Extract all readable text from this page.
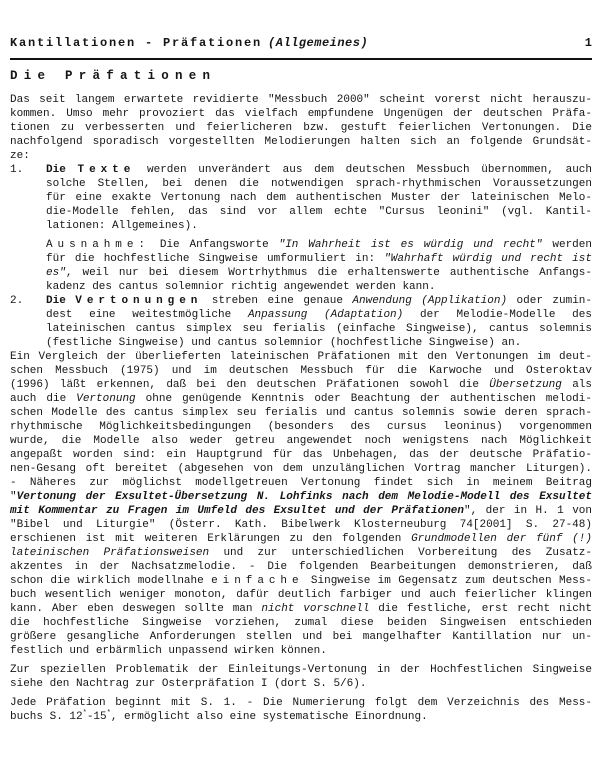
Kantillationen - Präfationen (Allgemeines)	1
Die Präfationen
Das seit langem erwartete revidierte "Messbuch 2000" scheint vorerst nicht herauszu-
kommen. Umso mehr provoziert das vielfach empfundene Ungenügen der deutschen Präfa-
tionen zu verbesserten und feierlicheren bzw. gestuft feierlichen Vertonungen. Die
nachfolgend sporadisch vorgestellten Melodierungen halten sich an folgende Grundsät-
ze:
1.	Die Texte werden unverändert aus dem deutschen Messbuch übernommen, auch
solche Stellen, bei denen die notwendigen sprach-rhythmischen Voraussetzungen
für eine exakte Vertonung nach dem authentischen Muster der lateinischen Melo-
die-Modelle fehlen, das sind vor allem echte "Cursus leonini" (vgl. Kantil-
lationen: Allgemeines).
Ausnahme: Die Anfangsworte "In Wahrheit ist es würdig und recht" werden
für die hochfestliche Singweise umformuliert in: "Wahrhaft würdig und recht ist
es", weil nur bei diesem Wortrhythmus die erhaltenswerte authentische Anfangs-
kadenz des cantus solemnior richtig angewendet werden kann.
2.	Die Vertonungen streben eine genaue Anwendung (Applikation) oder zumin-
dest eine weitestmögliche Anpassung (Adaptation) der Melodie-Modelle des
lateinischen cantus simplex seu ferialis (einfache Singweise), cantus solemnis
(festliche Singweise) und cantus solemnior (hochfestliche Singweise) an.
Ein Vergleich der überlieferten lateinischen Präfationen mit den Vertonungen im deut-
schen Messbuch (1975) und im deutschen Messbuch für die Karwoche und Osteroktav
(1996) läßt erkennen, daß bei den deutschen Präfationen sowohl die Übersetzung als
auch die Vertonung ohne genügende Kenntnis oder Beachtung der authentischen melodi-
schen Modelle des cantus simplex seu ferialis und cantus solemnis sowie deren sprach-
rhythmische Möglichkeitsbedingungen (besonders des cursus leoninus) vorgenommen
wurde, die Modelle also weder getreu angewendet noch wenigstens nach Möglichkeit
angepaßt worden sind: ein Hauptgrund für das Unbehagen, das der deutsche Präfatio-
nen-Gesang oft bereitet (abgesehen von dem unzulänglichen Vortrag mancher Liturgen).
- Näheres zur möglichst modellgetreuen Vertonung findet sich in meinem Beitrag
"Vertonung der Exsultet-Übersetzung N. Lohfinks nach dem Melodie-Modell des Exsultet
mit Kommentar zu Fragen im Umfeld des Exsultet und der Präfationen", der in H. 1 von
"Bibel und Liturgie" (Österr. Kath. Bibelwerk Klosterneuburg 74[2001] S. 27-48)
erschienen ist mit weiteren Erklärungen zu den folgenden Grundmodellen der fünf (!)
lateinischen Präfationsweisen und zur unterschiedlichen Vorbereitung des Zusatz-
akzentes in der Nachsatzmelodie. - Die folgenden Bearbeitungen demonstrieren, daß
schon die wirklich modellnahe einfache Singweise im Gegensatz zum deutschen Mess-
buch wesentlich weniger monoton, dafür deutlich farbiger und auch feierlicher klingen
kann. Aber eben deswegen sollte man nicht vorschnell die festliche, erst recht nicht
die hochfestliche Singweise vorziehen, zumal diese beiden Singweisen entschieden
größere gesangliche Anforderungen stellen und bei mangelhafter Kantillation nur un-
festlich und erbärmlich unpassend wirken können.
Zur speziellen Problematik der Einleitungs-Vertonung in der Hochfestlichen Singweise
siehe den Nachtrag zur Osterpräfation I (dort S. 5/6).
Jede Präfation beginnt mit S. 1. - Die Numerierung folgt dem Verzeichnis des Mess-
buchs S. 12*-15*, ermöglicht also eine systematische Einordnung.
